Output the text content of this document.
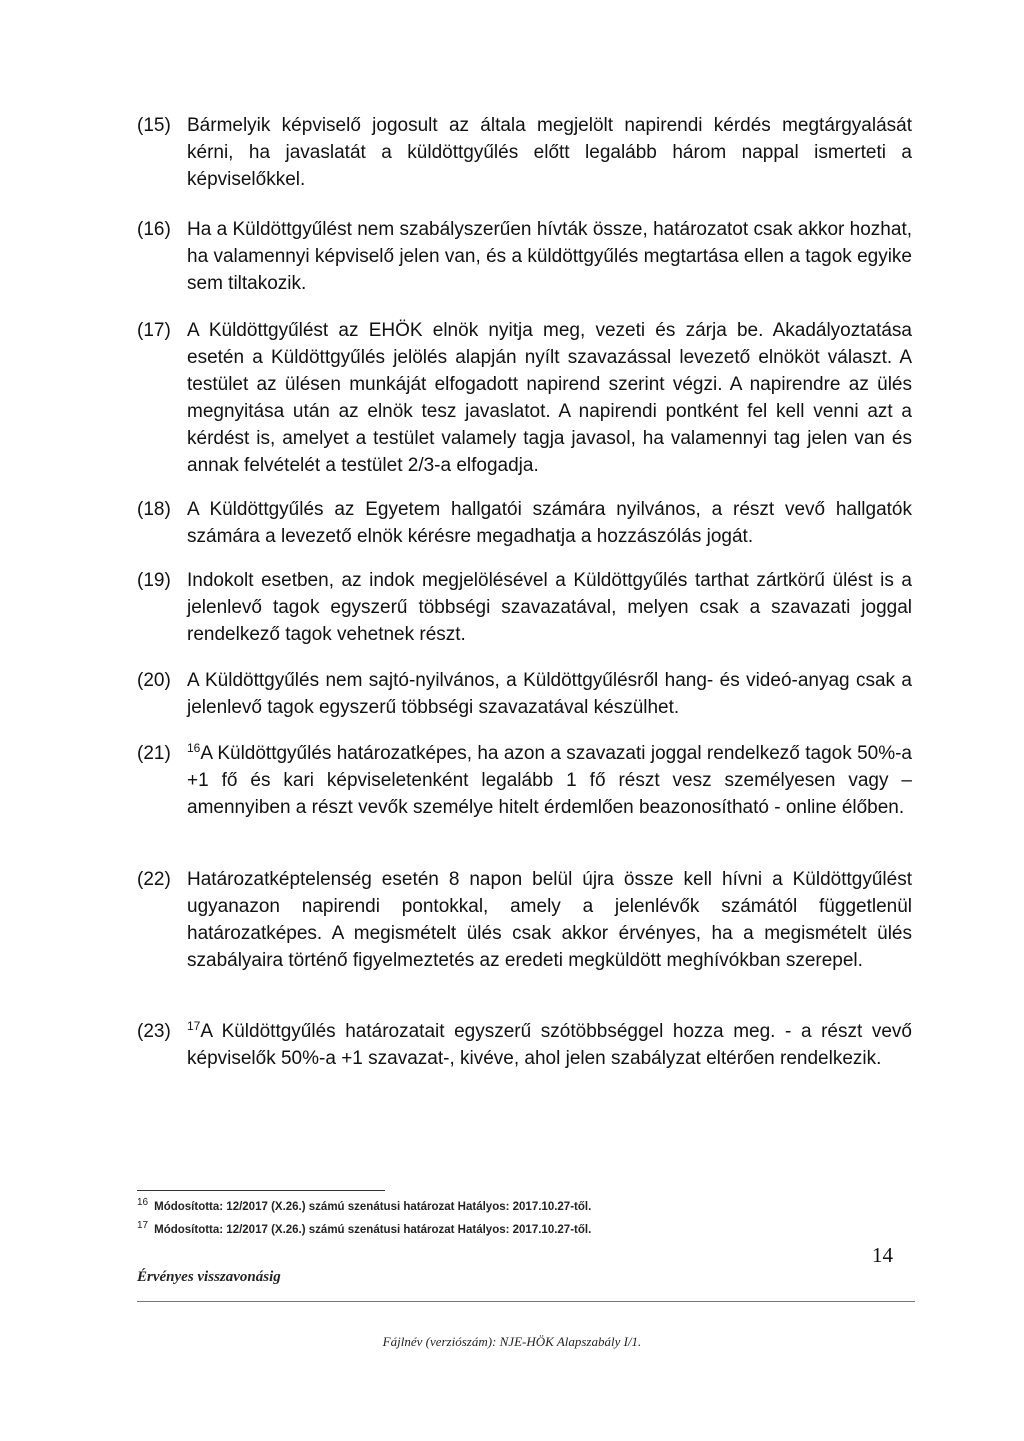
(15) Bármelyik képviselő jogosult az általa megjelölt napirendi kérdés megtárgyalását kérni, ha javaslatát a küldöttgyűlés előtt legalább három nappal ismerteti a képviselőkkel.
(16) Ha a Küldöttgyűlést nem szabályszerűen hívták össze, határozatot csak akkor hozhat, ha valamennyi képviselő jelen van, és a küldöttgyűlés megtartása ellen a tagok egyike sem tiltakozik.
(17) A Küldöttgyűlést az EHÖK elnök nyitja meg, vezeti és zárja be. Akadályoztatása esetén a Küldöttgyűlés jelölés alapján nyílt szavazással levezető elnököt választ. A testület az ülésen munkáját elfogadott napirend szerint végzi. A napirendre az ülés megnyitása után az elnök tesz javaslatot. A napirendi pontként fel kell venni azt a kérdést is, amelyet a testület valamely tagja javasol, ha valamennyi tag jelen van és annak felvételét a testület 2/3-a elfogadja.
(18) A Küldöttgyűlés az Egyetem hallgatói számára nyilvános, a részt vevő hallgatók számára a levezető elnök kérésre megadhatja a hozzászólás jogát.
(19) Indokolt esetben, az indok megjelölésével a Küldöttgyűlés tarthat zártkörű ülést is a jelenlevő tagok egyszerű többségi szavazatával, melyen csak a szavazati joggal rendelkező tagok vehetnek részt.
(20) A Küldöttgyűlés nem sajtó-nyilvános, a Küldöttgyűlésről hang- és videó-anyag csak a jelenlevő tagok egyszerű többségi szavazatával készülhet.
(21)	$^{16}$A Küldöttgyűlés határozatképes, ha azon a szavazati joggal rendelkező tagok 50%-a +1 fő és kari képviseletenként legalább 1 fő részt vesz személyesen vagy – amennyiben a részt vevők személye hitelt érdemlően beazonosítható - online élőben.
(22) Határozatképtelenség esetén 8 napon belül újra össze kell hívni a Küldöttgyűlést ugyanazon napirendi pontokkal, amely a jelenlévők számától függetlenül határozatképes. A megismételt ülés csak akkor érvényes, ha a megismételt ülés szabályaira történő figyelmeztetés az eredeti megküldött meghívókban szerepel.
(23)	$^{17}$A Küldöttgyűlés határozatait egyszerű szótöbbséggel hozza meg. - a részt vevő képviselők 50%-a +1 szavazat-, kivéve, ahol jelen szabályzat eltérően rendelkezik.
$^{16}$ Módosította: 12/2017 (X.26.) számú szenátusi határozat Hatályos: 2017.10.27-től.
$^{17}$ Módosította: 12/2017 (X.26.) számú szenátusi határozat Hatályos: 2017.10.27-től.
14
Érvényes visszavonásig
Fájlnév (verziószám): NJE-HÖK Alapszabály I/1.
